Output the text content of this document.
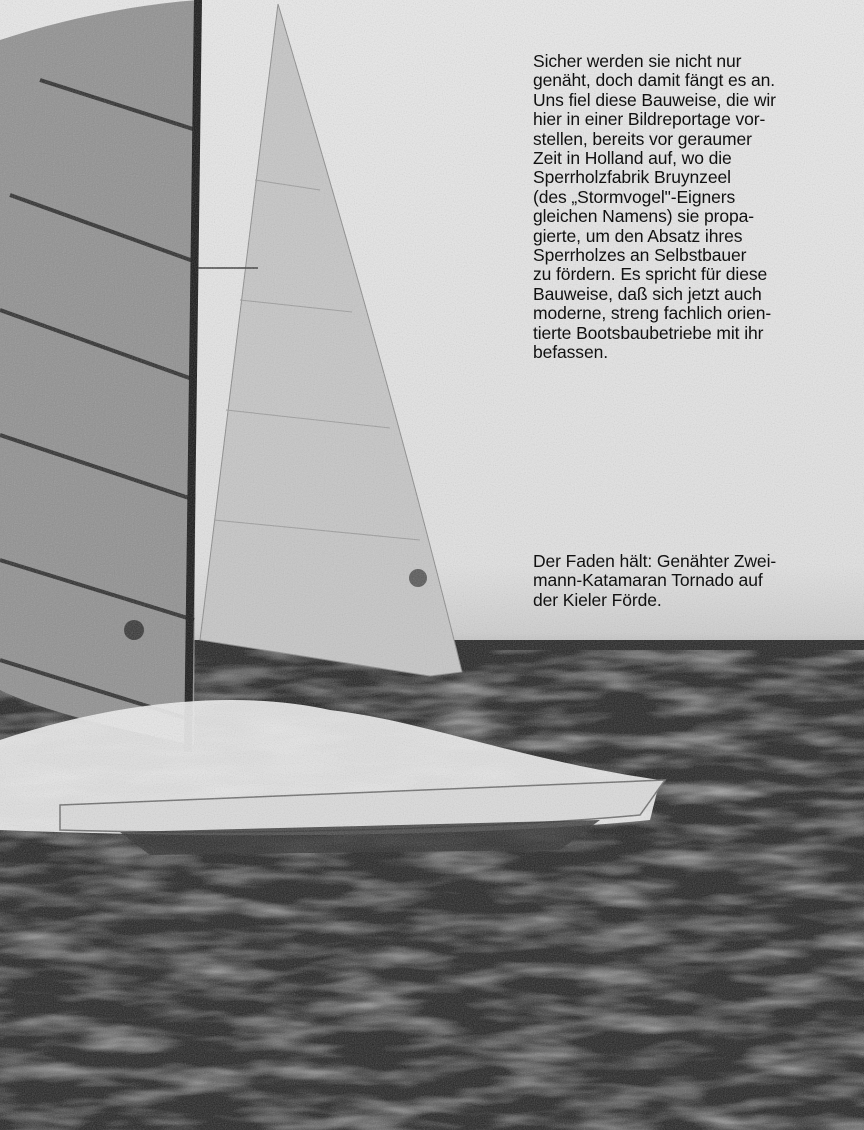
Sicher werden sie nicht nur
genäht, doch damit fängt es an.
Uns fiel diese Bauweise, die wir
hier in einer Bildreportage vor-
stellen, bereits vor geraumer
Zeit in Holland auf, wo die
Sperrholzfabrik Bruynzeel
(des „Stormvogel"-Eigners
gleichen Namens) sie propa-
gierte, um den Absatz ihres
Sperrholzes an Selbstbauer
zu fördern. Es spricht für diese
Bauweise, daß sich jetzt auch
moderne, streng fachlich orien-
tierte Bootsbaubetriebe mit ihr
befassen.
Der Faden hält: Genähter Zwei-
mann-Katamaran Tornado auf
der Kieler Förde.
